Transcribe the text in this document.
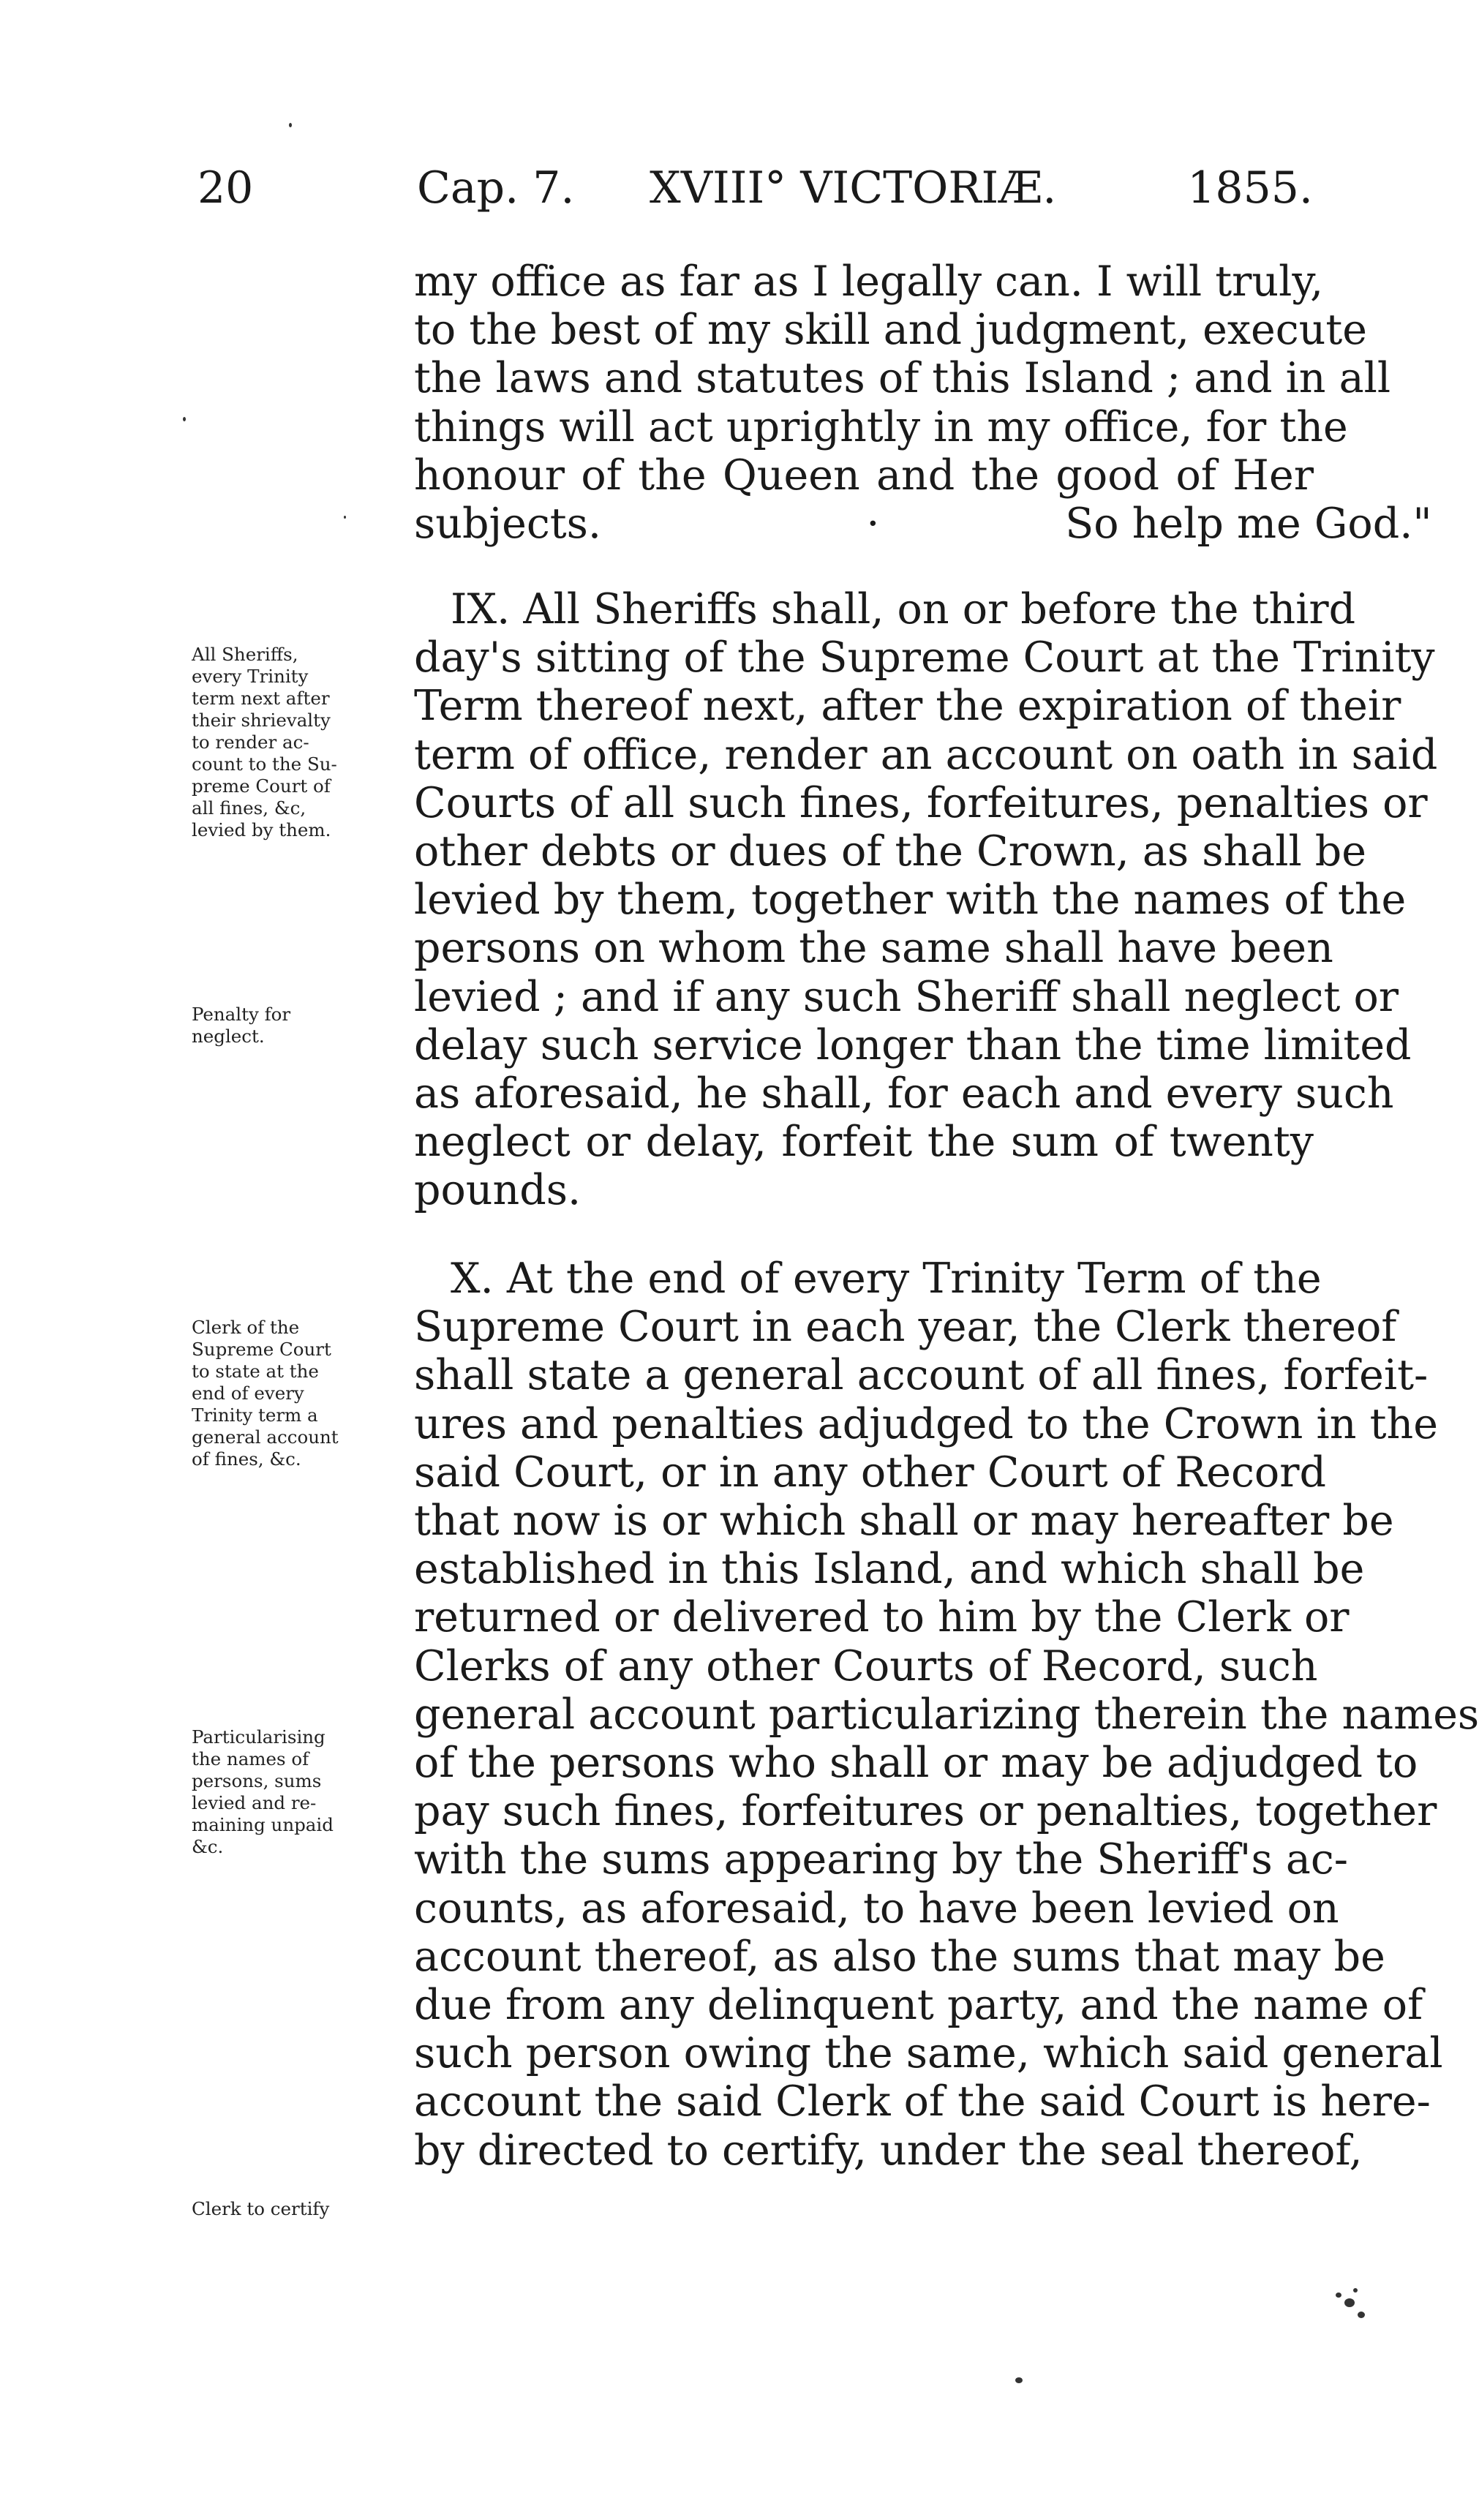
20	Cap. 7. XVIII° VICTORIÆ.	1855.
my office as far as I legally can. I will truly,
to the best of my skill and judgment, execute
the laws and statutes of this Island ; and in all
things will act uprightly in my office, for the
honour of the Queen and the good of Her
subjects.                    ·              So help me God."
IX. All Sheriffs shall, on or before the third
day's sitting of the Supreme Court at the Trinity
Term thereof next, after the expiration of their
term of office, render an account on oath in said
Courts of all such fines, forfeitures, penalties or
other debts or dues of the Crown, as shall be
levied by them, together with the names of the
persons on whom the same shall have been
levied ; and if any such Sheriff shall neglect or
delay such service longer than the time limited
as aforesaid, he shall, for each and every such
neglect or delay, forfeit the sum of twenty
pounds.
X. At the end of every Trinity Term of the
Supreme Court in each year, the Clerk thereof
shall state a general account of all fines, forfeit-
ures and penalties adjudged to the Crown in the
said Court, or in any other Court of Record
that now is or which shall or may hereafter be
established in this Island, and which shall be
returned or delivered to him by the Clerk or
Clerks of any other Courts of Record, such
general account particularizing therein the names
of the persons who shall or may be adjudged to
pay such fines, forfeitures or penalties, together
with the sums appearing by the Sheriff's ac-
counts, as aforesaid, to have been levied on
account thereof, as also the sums that may be
due from any delinquent party, and the name of
such person owing the same, which said general
account the said Clerk of the said Court is here-
by directed to certify, under the seal thereof,
All Sheriffs,
every Trinity
term next after
their shrievalty
to render ac-
count to the Su-
preme Court of
all fines, &c,
levied by them.
Penalty for
neglect.
Clerk of the
Supreme Court
to state at the
end of every
Trinity term a
general account
of fines, &c.
Particularising
the names of
persons, sums
levied and re-
maining unpaid
&c.
Clerk to certify
